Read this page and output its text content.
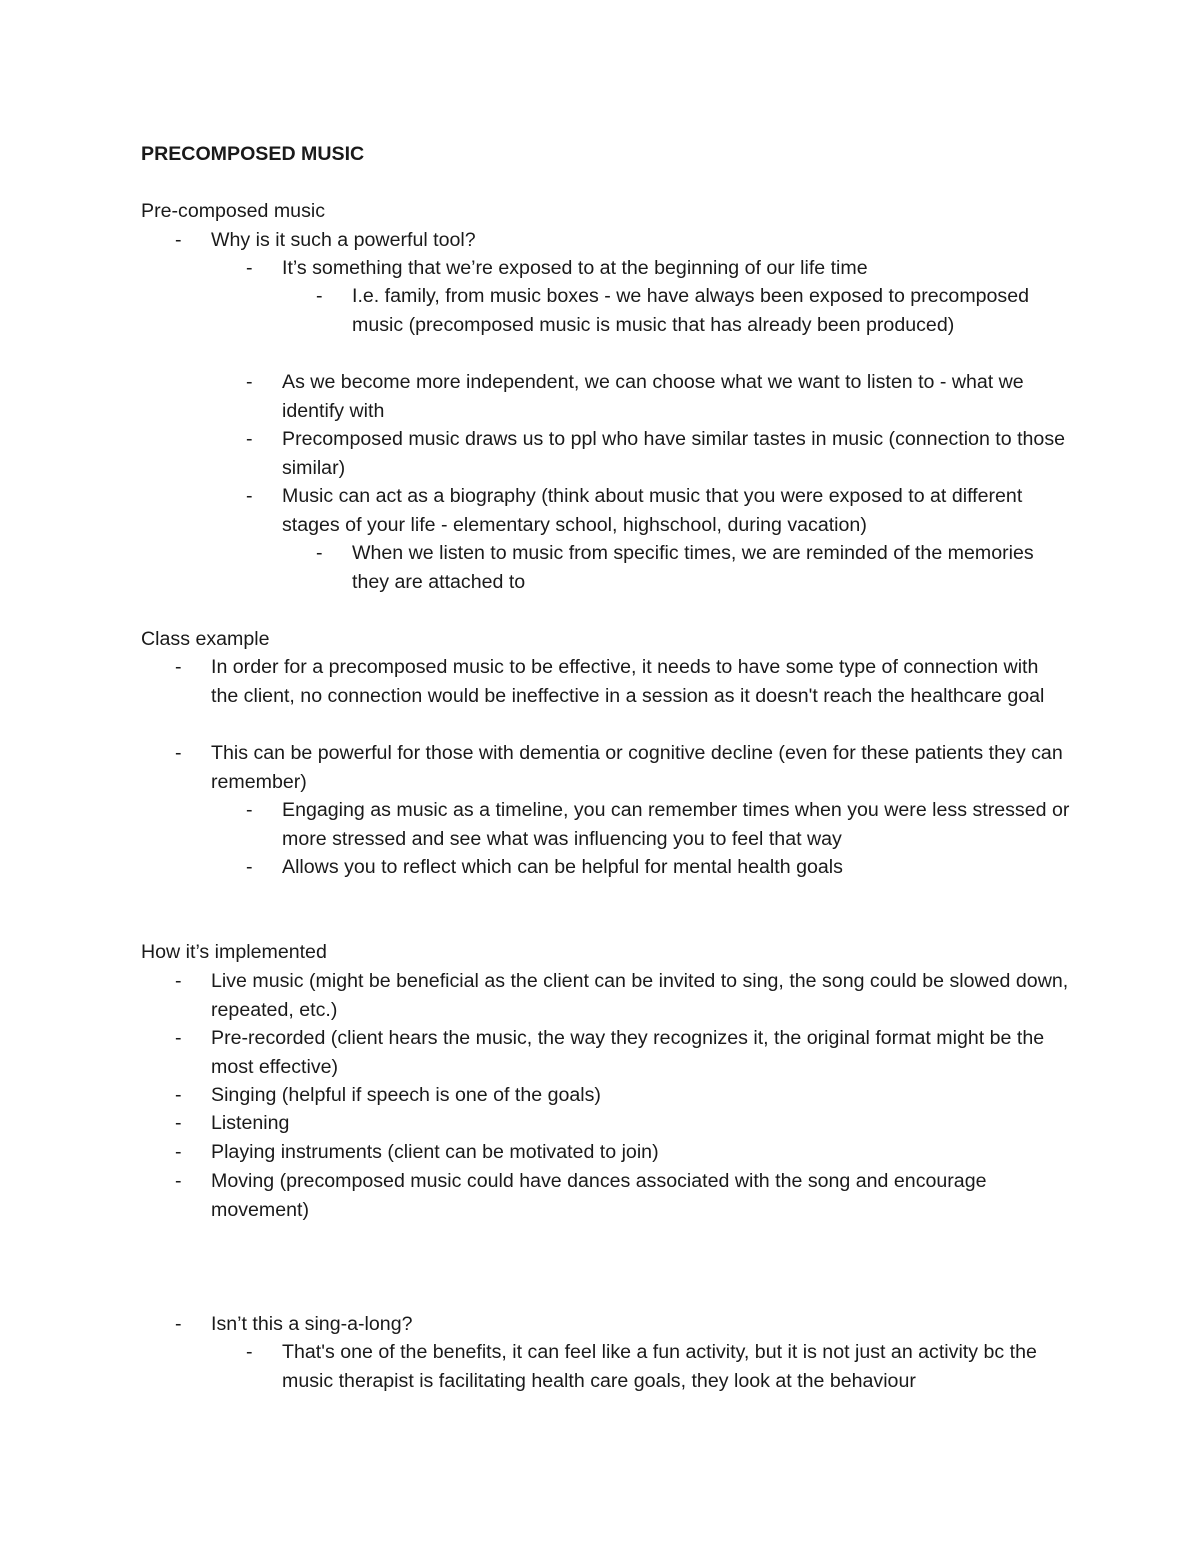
PRECOMPOSED MUSIC
Pre-composed music
- Why is it such a powerful tool?
- It’s something that we’re exposed to at the beginning of our life time
- I.e. family, from music boxes - we have always been exposed to precomposed music (precomposed music is music that has already been produced)
- As we become more independent, we can choose what we want to listen to - what we identify with
- Precomposed music draws us to ppl who have similar tastes in music (connection to those similar)
- Music can act as a biography (think about music that you were exposed to at different stages of your life - elementary school, highschool, during vacation)
- When we listen to music from specific times, we are reminded of the memories they are attached to
Class example
- In order for a precomposed music to be effective, it needs to have some type of connection with the client, no connection would be ineffective in a session as it doesn't reach the healthcare goal
- This can be powerful for those with dementia or cognitive decline (even for these patients they can remember)
- Engaging as music as a timeline, you can remember times when you were less stressed or more stressed and see what was influencing you to feel that way
- Allows you to reflect which can be helpful for mental health goals
How it’s implemented
- Live music (might be beneficial as the client can be invited to sing, the song could be slowed down, repeated, etc.)
- Pre-recorded (client hears the music, the way they recognizes it, the original format might be the most effective)
- Singing (helpful if speech is one of the goals)
- Listening
- Playing instruments (client can be motivated to join)
- Moving (precomposed music could have dances associated with the song and encourage movement)
- Isn’t this a sing-a-long?
- That's one of the benefits, it can feel like a fun activity, but it is not just an activity bc the music therapist is facilitating health care goals, they look at the behaviour
